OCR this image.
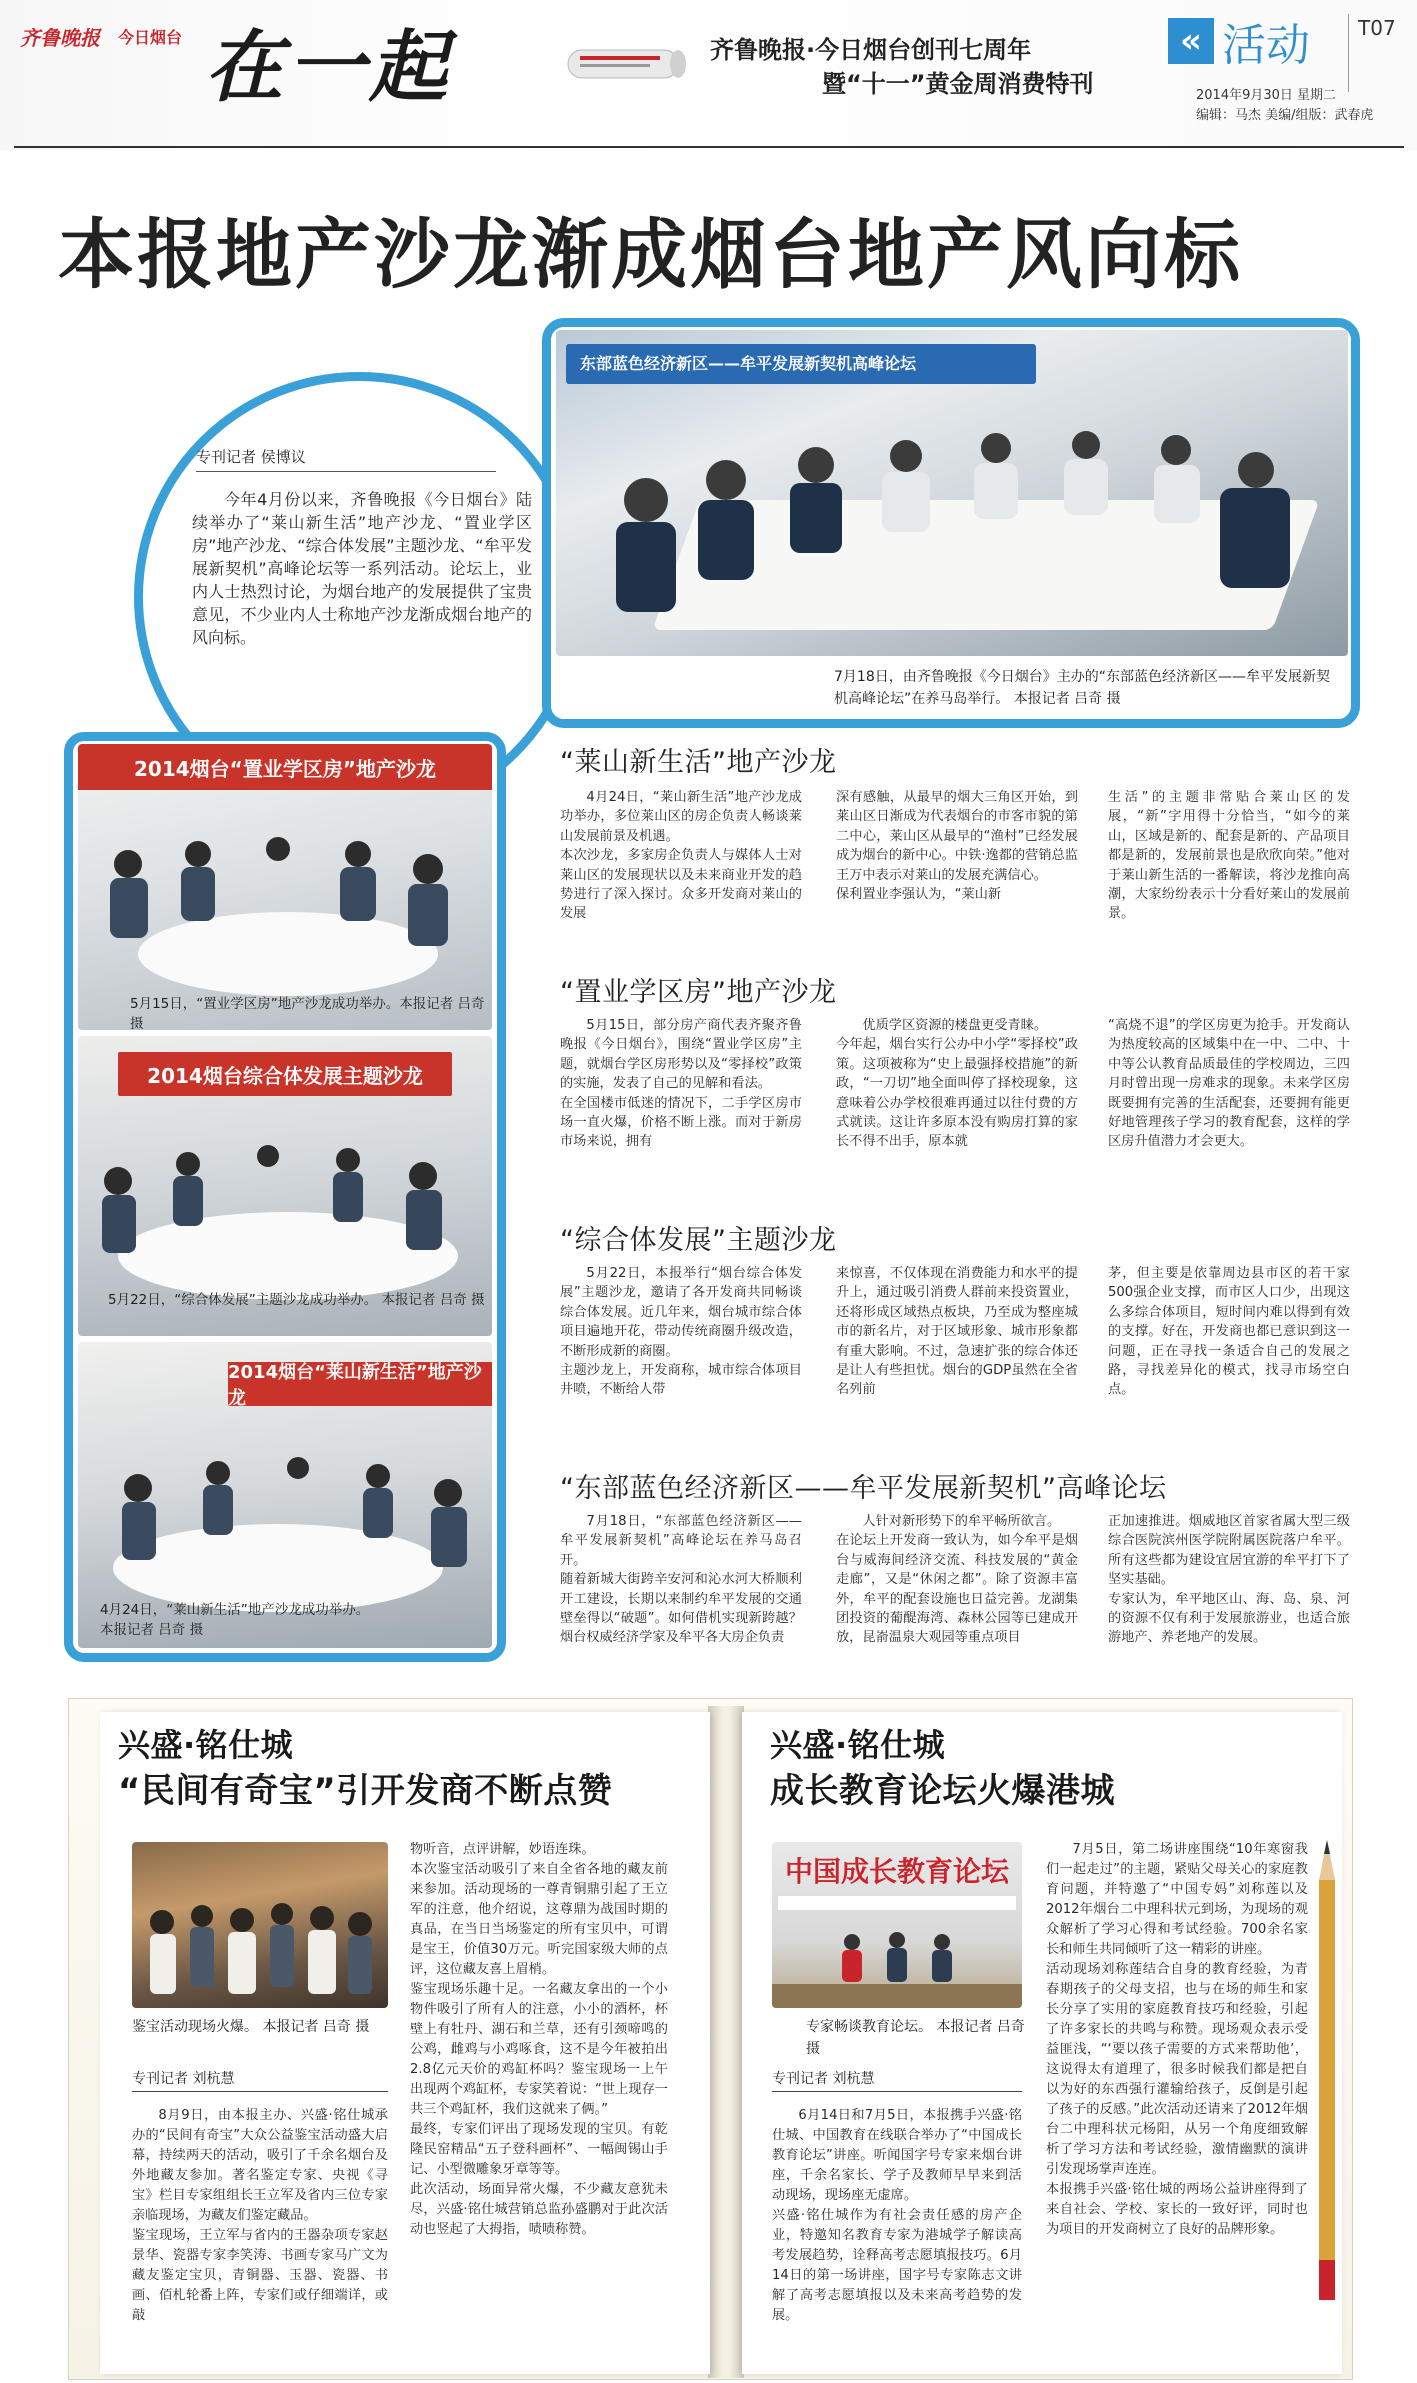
齐鲁晚报 今日烟台 在一起	齐鲁晚报·今日烟台创刊七周年
暨“十一”黄金周消费特刊
« 活动 T07
2014年9月30日 星期二
编辑：马杰 美编/组版：武春虎
本报地产沙龙渐成烟台地产风向标
专刊记者 侯博议
今年4月份以来，齐鲁晚报《今日烟台》陆续举办了“莱山新生活”地产沙龙、“置业学区房”地产沙龙、“综合体发展”主题沙龙、“牟平发展新契机”高峰论坛等一系列活动。论坛上，业内人士热烈讨论，为烟台地产的发展提供了宝贵意见，不少业内人士称地产沙龙渐成烟台地产的风向标。
东部蓝色经济新区——牟平发展新契机高峰论坛
7月18日，由齐鲁晚报《今日烟台》主办的“东部蓝色经济新区——牟平发展新契机高峰论坛”在养马岛举行。 本报记者 吕奇 摄
2014烟台“置业学区房”地产沙龙
5月15日，“置业学区房”地产沙龙成功举办。本报记者 吕奇 摄
2014烟台综合体发展主题沙龙
5月22日，“综合体发展”主题沙龙成功举办。 本报记者 吕奇 摄
2014烟台“莱山新生活”地产沙龙
4月24日，“莱山新生活”地产沙龙成功举办。本报记者 吕奇 摄
“莱山新生活”地产沙龙
4月24日，“莱山新生活”地产沙龙成功举办，多位莱山区的房企负责人畅谈莱山发展前景及机遇。
本次沙龙，多家房企负责人与媒体人士对莱山区的发展现状以及未来商业开发的趋势进行了深入探讨。众多开发商对莱山的发展
深有感触，从最早的烟大三角区开始，到莱山区日渐成为代表烟台的市客市貌的第二中心，莱山区从最早的“渔村”已经发展成为烟台的新中心。中铁·逸都的营销总监王万中表示对莱山的发展充满信心。
保利置业李强认为，“莱山新
生活”的主题非常贴合莱山区的发展，“新”字用得十分恰当，“如今的莱山，区域是新的、配套是新的、产品项目都是新的，发展前景也是欣欣向荣。”他对于莱山新生活的一番解读，将沙龙推向高潮，大家纷纷表示十分看好莱山的发展前景。
“置业学区房”地产沙龙
5月15日，部分房产商代表齐聚齐鲁晚报《今日烟台》，围绕“置业学区房”主题，就烟台学区房形势以及“零择校”政策的实施，发表了自己的见解和看法。
在全国楼市低迷的情况下，二手学区房市场一直火爆，价格不断上涨。而对于新房市场来说，拥有
优质学区资源的楼盘更受青睐。
今年起，烟台实行公办中小学“零择校”政策。这项被称为“史上最强择校措施”的新政，“一刀切”地全面叫停了择校现象，这意味着公办学校很难再通过以往付费的方式就读。这让许多原本没有购房打算的家长不得不出手，原本就
“高烧不退”的学区房更为抢手。开发商认为热度较高的区域集中在一中、二中、十中等公认教育品质最佳的学校周边，三四月时曾出现一房难求的现象。未来学区房既要拥有完善的生活配套，还要拥有能更好地管理孩子学习的教育配套，这样的学区房升值潜力才会更大。
“综合体发展”主题沙龙
5月22日，本报举行“烟台综合体发展”主题沙龙，邀请了各开发商共同畅谈综合体发展。近几年来，烟台城市综合体项目遍地开花，带动传统商圈升级改造，不断形成新的商圈。
主题沙龙上，开发商称，城市综合体项目井喷，不断给人带
来惊喜，不仅体现在消费能力和水平的提升上，通过吸引消费人群前来投资置业，还将形成区域热点板块，乃至成为整座城市的新名片，对于区域形象、城市形象都有重大影响。不过，急速扩张的综合体还是让人有些担忧。烟台的GDP虽然在全省名列前
茅，但主要是依靠周边县市区的若干家500强企业支撑，而市区人口少，出现这么多综合体项目，短时间内难以得到有效的支撑。好在，开发商也都已意识到这一问题，正在寻找一条适合自己的发展之路，寻找差异化的模式，找寻市场空白点。
“东部蓝色经济新区——牟平发展新契机”高峰论坛
7月18日，“东部蓝色经济新区——牟平发展新契机”高峰论坛在养马岛召开。
随着新城大街跨辛安河和沁水河大桥顺利开工建设，长期以来制约牟平发展的交通壁垒得以“破题”。如何借机实现新跨越？烟台权威经济学家及牟平各大房企负责
人针对新形势下的牟平畅所欲言。
在论坛上开发商一致认为，如今牟平是烟台与威海间经济交流、科技发展的“黄金走廊”，又是“休闲之都”。除了资源丰富外，牟平的配套设施也日益完善。龙湖集团投资的葡醍海湾、森林公园等已建成开放，昆嵛温泉大观园等重点项目
正加速推进。烟威地区首家省属大型三级综合医院滨州医学院附属医院落户牟平。所有这些都为建设宜居宜游的牟平打下了坚实基础。
专家认为，牟平地区山、海、岛、泉、河的资源不仅有利于发展旅游业，也适合旅游地产、养老地产的发展。
兴盛·铭仕城
“民间有奇宝”引开发商不断点赞
鉴宝活动现场火爆。 本报记者 吕奇 摄
专刊记者 刘杭慧
8月9日，由本报主办、兴盛·铭仕城承办的“民间有奇宝”大众公益鉴宝活动盛大启幕，持续两天的活动，吸引了千余名烟台及外地藏友参加。著名鉴定专家、央视《寻宝》栏目专家组组长王立军及省内三位专家亲临现场，为藏友们鉴定藏品。
鉴宝现场，王立军与省内的王器杂项专家赵景华、瓷器专家李笑涛、书画专家马广文为藏友鉴定宝贝，青铜器、玉器、瓷器、书画、佰札轮番上阵，专家们或仔细端详，或敲
物听音，点评讲解，妙语连珠。
本次鉴宝活动吸引了来自全省各地的藏友前来参加。活动现场的一尊青铜鼎引起了王立军的注意，他介绍说，这尊鼎为战国时期的真品，在当日当场鉴定的所有宝贝中，可谓是宝王，价值30万元。听完国家级大师的点评，这位藏友喜上眉梢。
鉴宝现场乐趣十足。一名藏友拿出的一个小物件吸引了所有人的注意，小小的酒杯，杯壁上有牡丹、湖石和兰草，还有引颈啼鸣的公鸡，雌鸡与小鸡啄食，这不是今年被拍出2.8亿元天价的鸡缸杯吗？鉴宝现场一上午出现两个鸡缸杯，专家笑着说：“世上现存一共三个鸡缸杯，我们这就来了俩。”
最终，专家们评出了现场发现的宝贝。有乾隆民窑精品“五子登科画杯”、一幅闽锡山手记、小型微雕象牙章等等。
此次活动，场面异常火爆，不少藏友意犹未尽，兴盛·铭仕城营销总监孙盛鹏对于此次活动也竖起了大拇指，啧啧称赞。
兴盛·铭仕城
成长教育论坛火爆港城
中国成长教育论坛
专家畅谈教育论坛。 本报记者 吕奇 摄
专刊记者 刘杭慧
6月14日和7月5日，本报携手兴盛·铭仕城、中国教育在线联合举办了“中国成长教育论坛”讲座。听闻国字号专家来烟台讲座，千余名家长、学子及教师早早来到活动现场，现场座无虚席。
兴盛·铭仕城作为有社会责任感的房产企业，特邀知名教育专家为港城学子解读高考发展趋势，诠释高考志愿填报技巧。6月14日的第一场讲座，国字号专家陈志文讲解了高考志愿填报以及未来高考趋势的发展。
7月5日，第二场讲座围绕“10年寒窗我们一起走过”的主题，紧贴父母关心的家庭教育问题，并特邀了“中国专妈”刘称莲以及2012年烟台二中理科状元到场，为现场的观众解析了学习心得和考试经验。700余名家长和师生共同倾听了这一精彩的讲座。
活动现场刘称莲结合自身的教育经验，为青春期孩子的父母支招，也与在场的师生和家长分享了实用的家庭教育技巧和经验，引起了许多家长的共鸣与称赞。现场观众表示受益匪浅，“‘要以孩子需要的方式来帮助他’，这说得太有道理了，很多时候我们都是把自以为好的东西强行灌输给孩子，反倒是引起了孩子的反感。”此次活动还请来了2012年烟台二中理科状元杨阳，从另一个角度细致解析了学习方法和考试经验，激情幽默的演讲引发现场掌声连连。
本报携手兴盛·铭仕城的两场公益讲座得到了来自社会、学校、家长的一致好评，同时也为项目的开发商树立了良好的品牌形象。
